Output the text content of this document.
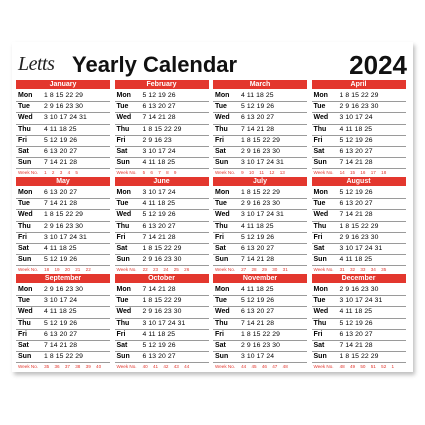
Letts Yearly Calendar	2024
January
Mon 1 8 15 22 29
Tue 2 9 16 23 30
Wed 3 10 17 24 31
Thu 4 11 18 25
Fri	5 12 19 26
Sat 6 13 20 27
Sun 7 14 21 28
Week No. 1 2 3 4 5
February
Mon 5 12 19 26
Tue 6 13 20 27
Wed 7 14 21 28
Thu 1 8 15 22 29
Fri	2 9 16 23
Sat 3 10 17 24
Sun 4 11 18 25
Week No. 5 6 7 8 9
March
Mon 4 11 18 25
Tue 5 12 19 26
Wed 6 13 20 27
Thu 7 14 21 28
Fri	1 8 15 22 29
Sat 2 9 16 23 30
Sun 3 10 17 24 31
Week No. 9 10 11 12 13
April
Mon 1 8 15 22 29
Tue 2 9 16 23 30
Wed 3 10 17 24
Thu 4 11 18 25
Fri	5 12 19 26
Sat 6 13 20 27
Sun 7 14 21 28
Week No. 14 15 16 17 18
May
Mon 6 13 20 27
Tue 7 14 21 28
Wed 1 8 15 22 29
Thu 2 9 16 23 30
Fri	3 10 17 24 31
Sat 4 11 18 25
Sun 5 12 19 26
Week No. 18 19 20 21 22
June
Mon 3 10 17 24
Tue 4 11 18 25
Wed 5 12 19 26
Thu 6 13 20 27
Fri	7 14 21 28
Sat 1 8 15 22 29
Sun 2 9 16 23 30
Week No. 22 23 24 25 26
July
Mon 1 8 15 22 29
Tue 2 9 16 23 30
Wed 3 10 17 24 31
Thu 4 11 18 25
Fri	5 12 19 26
Sat 6 13 20 27
Sun 7 14 21 28
Week No. 27 28 29 30 31
August
Mon 5 12 19 26
Tue 6 13 20 27
Wed 7 14 21 28
Thu 1 8 15 22 29
Fri	2 9 16 23 30
Sat 3 10 17 24 31
Sun 4 11 18 25
Week No. 31 32 33 34 35
September
Mon 2 9 16 23 30
Tue 3 10 17 24
Wed 4 11 18 25
Thu 5 12 19 26
Fri	6 13 20 27
Sat 7 14 21 28
Sun 1 8 15 22 29
Week No. 35 36 37 38 39 40
October
Mon 7 14 21 28
Tue 1 8 15 22 29
Wed 2 9 16 23 30
Thu 3 10 17 24 31
Fri	4 11 18 25
Sat 5 12 19 26
Sun 6 13 20 27
Week No. 40 41 42 43 44
November
Mon 4 11 18 25
Tue 5 12 19 26
Wed 6 13 20 27
Thu 7 14 21 28
Fri	1 8 15 22 29
Sat 2 9 16 23 30
Sun 3 10 17 24
Week No. 44 45 46 47 48
December
Mon 2 9 16 23 30
Tue 3 10 17 24 31
Wed 4 11 18 25
Thu 5 12 19 26
Fri	6 13 20 27
Sat 7 14 21 28
Sun 1 8 15 22 29
Week No. 48 49 50 51 52 1
